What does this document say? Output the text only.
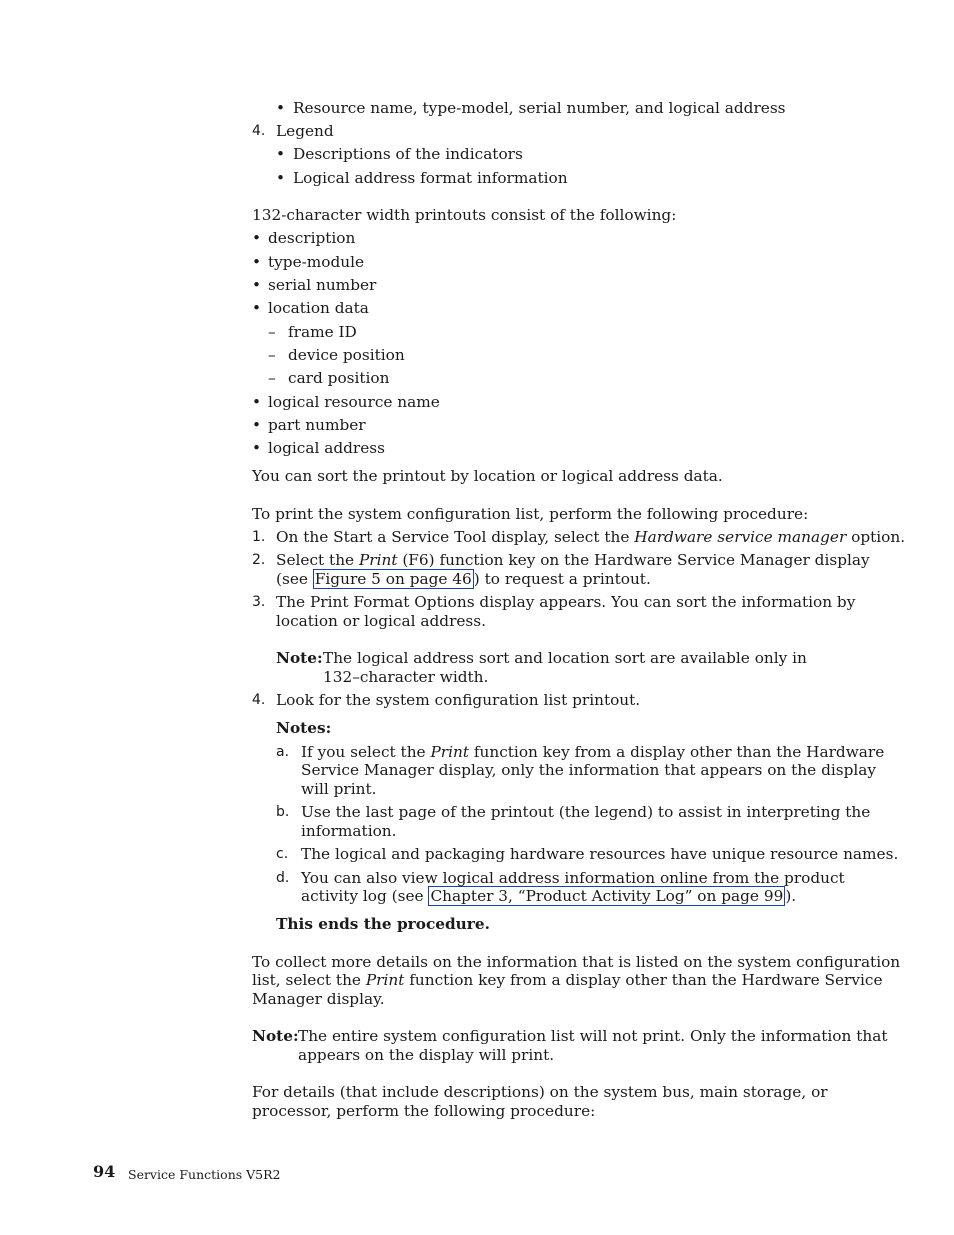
• Resource name, type-model, serial number, and logical address
4. Legend
• Descriptions of the indicators
• Logical address format information
132-character width printouts consist of the following:
• description
• type-module
• serial number
• location data
– frame ID
– device position
– card position
• logical resource name
• part number
• logical address
You can sort the printout by location or logical address data.
To print the system configuration list, perform the following procedure:
1. On the Start a Service Tool display, select the Hardware service manager option.
2. Select the Print (F6) function key on the Hardware Service Manager display
(see Figure 5 on page 46 ) to request a printout.
3. The Print Format Options display appears. You can sort the information by
location or logical address.
Note: The logical address sort and location sort are available only in
132–character width.
4. Look for the system configuration list printout.
Notes:
a. If you select the Print function key from a display other than the Hardware
Service Manager display, only the information that appears on the display
will print.
b. Use the last page of the printout (the legend) to assist in interpreting the
information.
c. The logical and packaging hardware resources have unique resource names.
d. You can also view logical address information online from the product
activity log (see Chapter 3, “Product Activity Log” on page 99 ).
This ends the procedure.
To collect more details on the information that is listed on the system configuration
list, select the Print function key from a display other than the Hardware Service
Manager display.
Note: The entire system configuration list will not print. Only the information that
appears on the display will print.
For details (that include descriptions) on the system bus, main storage, or
processor, perform the following procedure:
94 Service Functions V5R2
